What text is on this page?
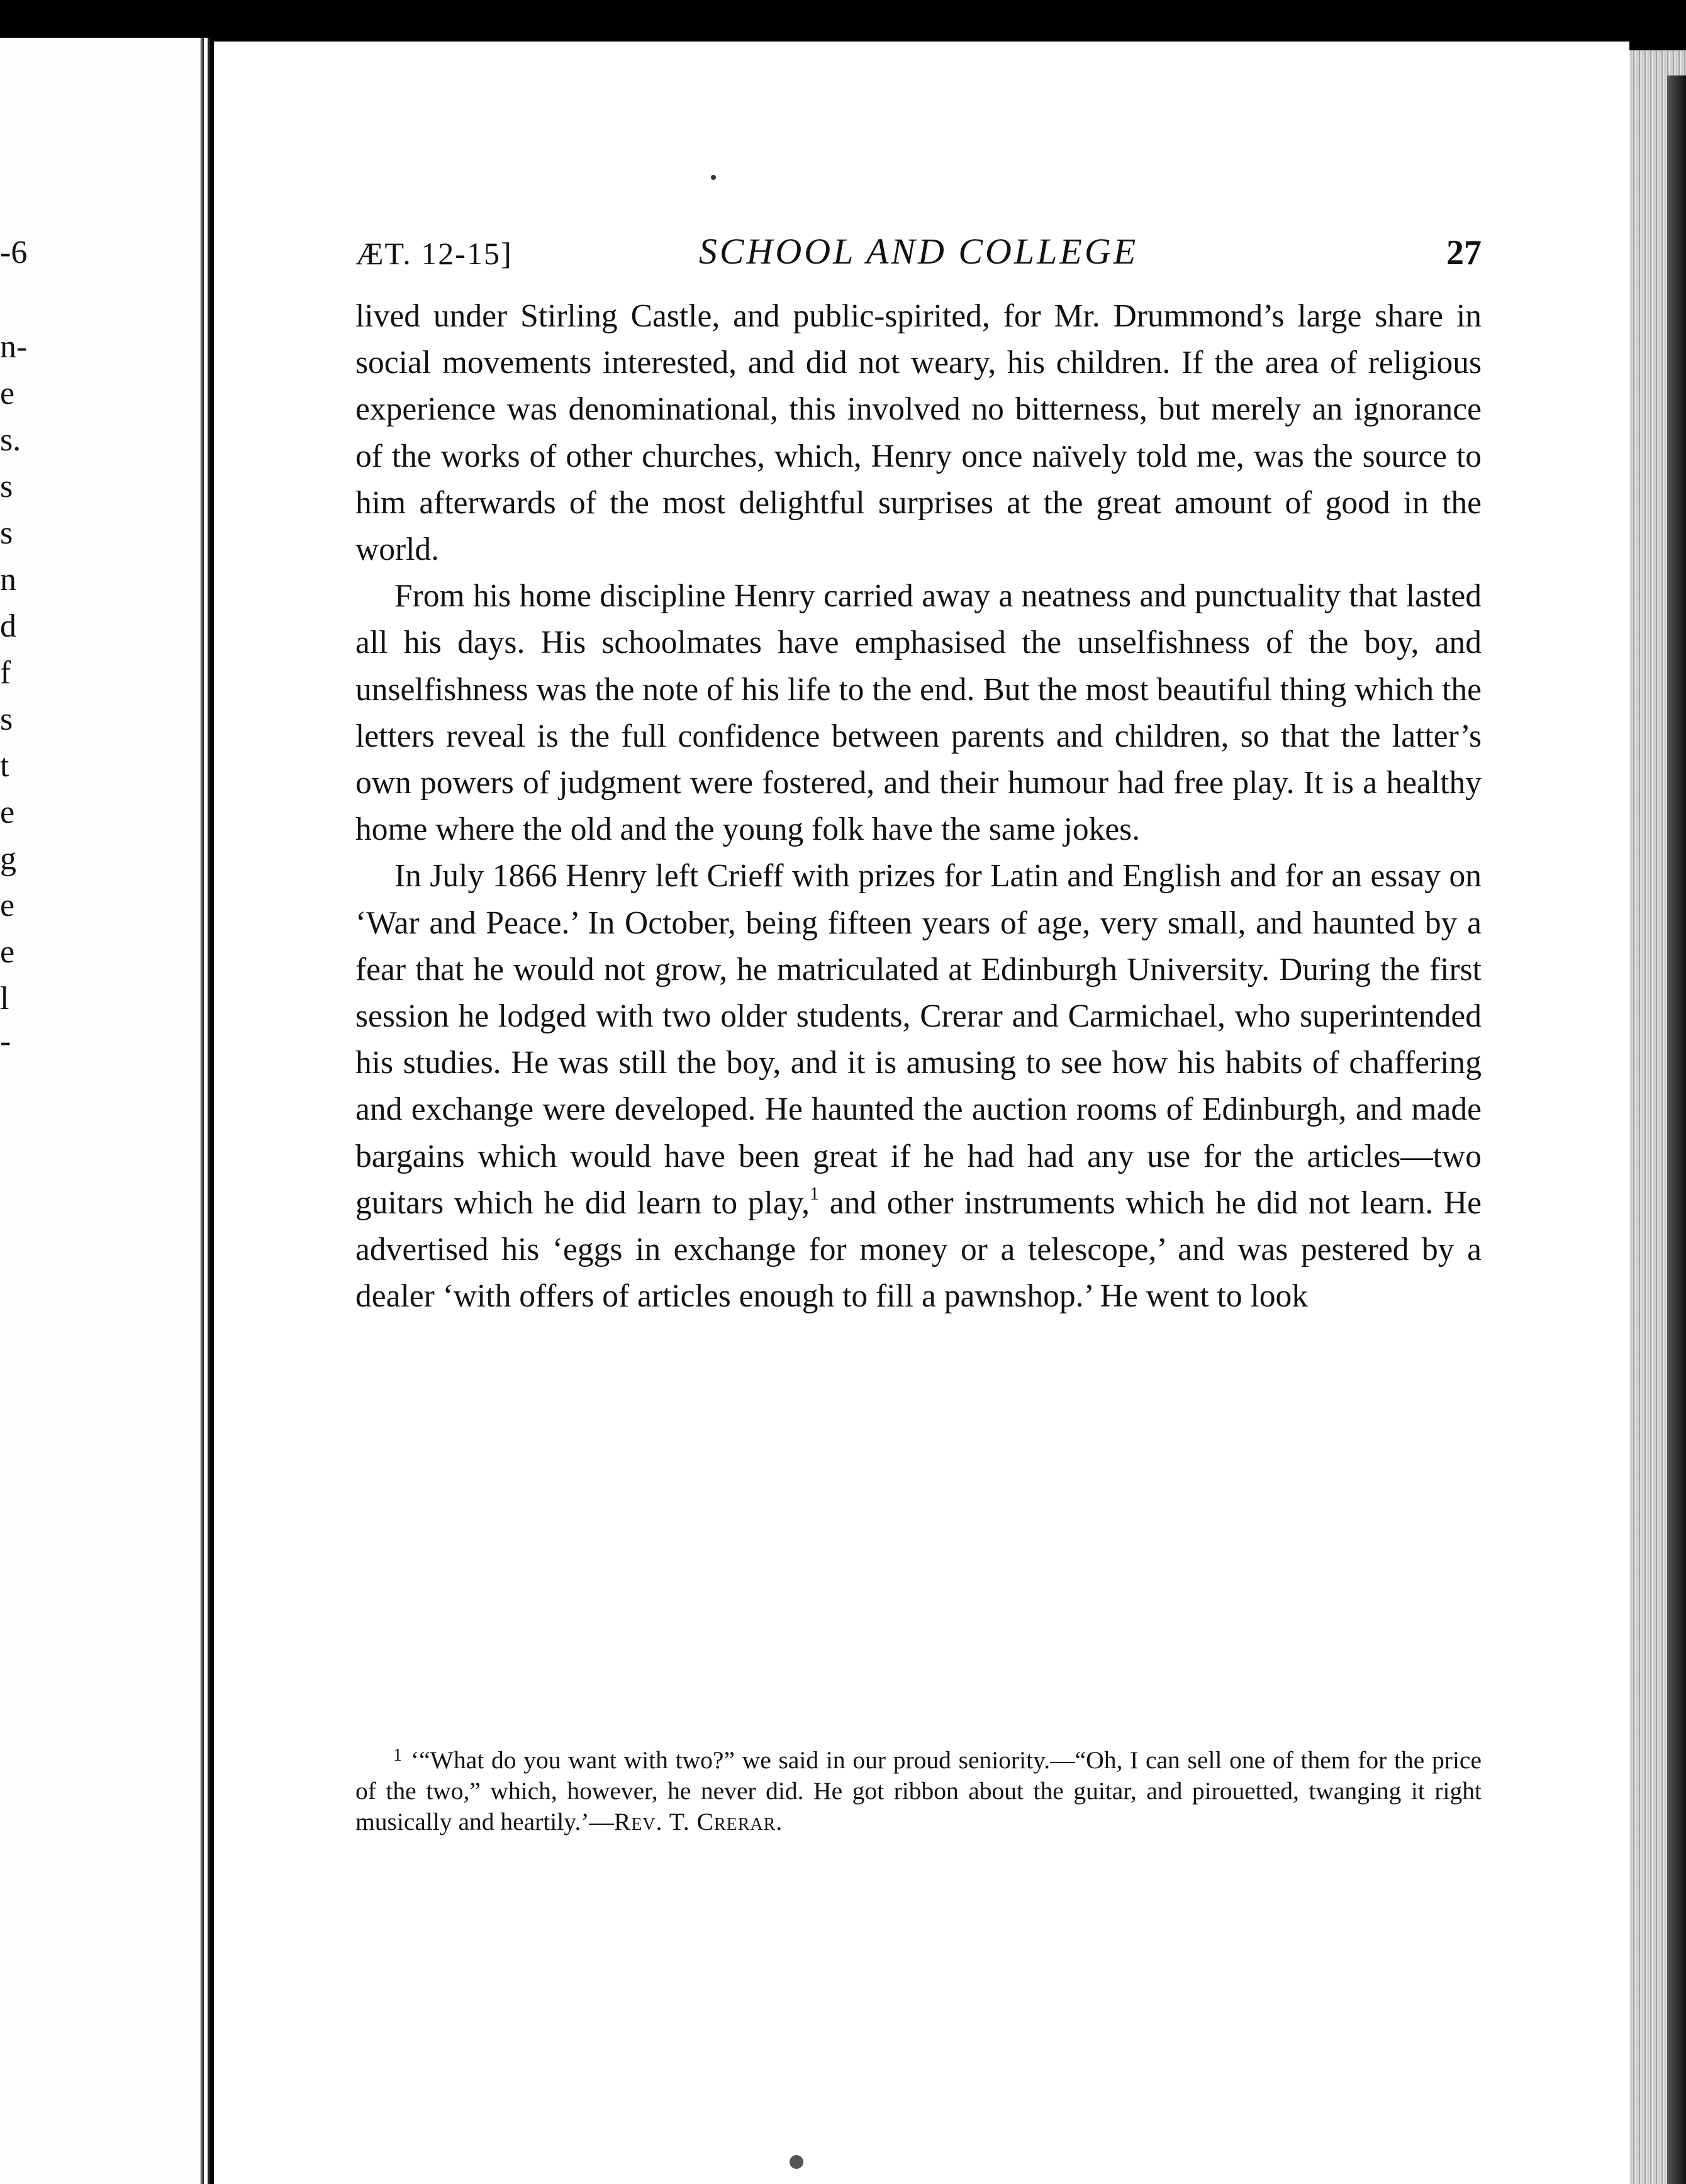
-6
n-
e
s.
s
s
n
d
f
s
t
e
g
e
e
l
-
ÆT. 12-15]	SCHOOL AND COLLEGE	27

lived under Stirling Castle, and public-spirited, for Mr. Drummond’s large share in social movements interested, and did not weary, his children. If the area of religious experience was denominational, this involved no bitterness, but merely an ignorance of the works of other churches, which, Henry once naïvely told me, was the source to him afterwards of the most delightful surprises at the great amount of good in the world.

From his home discipline Henry carried away a neatness and punctuality that lasted all his days. His schoolmates have emphasised the unselfishness of the boy, and unselfishness was the note of his life to the end. But the most beautiful thing which the letters reveal is the full confidence between parents and children, so that the latter’s own powers of judgment were fostered, and their humour had free play. It is a healthy home where the old and the young folk have the same jokes.

In July 1866 Henry left Crieff with prizes for Latin and English and for an essay on ‘War and Peace.’ In October, being fifteen years of age, very small, and haunted by a fear that he would not grow, he matriculated at Edinburgh University. During the first session he lodged with two older students, Crerar and Carmichael, who superintended his studies. He was still the boy, and it is amusing to see how his habits of chaffering and exchange were developed. He haunted the auction rooms of Edinburgh, and made bargains which would have been great if he had had any use for the articles—two guitars which he did learn to play,$^1$ and other instruments which he did not learn. He advertised his ‘eggs in exchange for money or a telescope,’ and was pestered by a dealer ‘with offers of articles enough to fill a pawnshop.’ He went to look

$^1$ ‘“What do you want with two?” we said in our proud seniority.—“Oh, I can sell one of them for the price of the two,” which, however, he never did. He got ribbon about the guitar, and pirouetted, twanging it right musically and heartily.’—Rev. T. Crerar.
